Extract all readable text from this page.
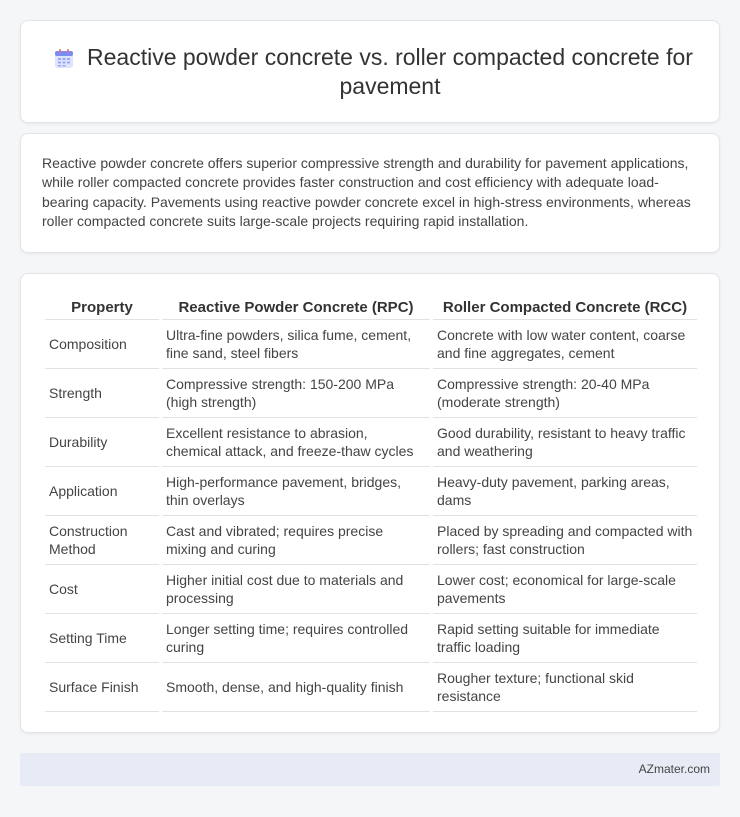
Reactive powder concrete vs. roller compacted concrete for pavement

Reactive powder concrete offers superior compressive strength and durability for pavement applications, while roller compacted concrete provides faster construction and cost efficiency with adequate load-bearing capacity. Pavements using reactive powder concrete excel in high-stress environments, whereas roller compacted concrete suits large-scale projects requiring rapid installation.

Property	Reactive Powder Concrete (RPC)	Roller Compacted Concrete (RCC)
Composition	Ultra-fine powders, silica fume, cement, fine sand, steel fibers	Concrete with low water content, coarse and fine aggregates, cement
Strength	Compressive strength: 150-200 MPa (high strength)	Compressive strength: 20-40 MPa (moderate strength)
Durability	Excellent resistance to abrasion, chemical attack, and freeze-thaw cycles	Good durability, resistant to heavy traffic and weathering
Application	High-performance pavement, bridges, thin overlays	Heavy-duty pavement, parking areas, dams
Construction Method	Cast and vibrated; requires precise mixing and curing	Placed by spreading and compacted with rollers; fast construction
Cost	Higher initial cost due to materials and processing	Lower cost; economical for large-scale pavements
Setting Time	Longer setting time; requires controlled curing	Rapid setting suitable for immediate traffic loading
Surface Finish	Smooth, dense, and high-quality finish	Rougher texture; functional skid resistance
AZmater.com
